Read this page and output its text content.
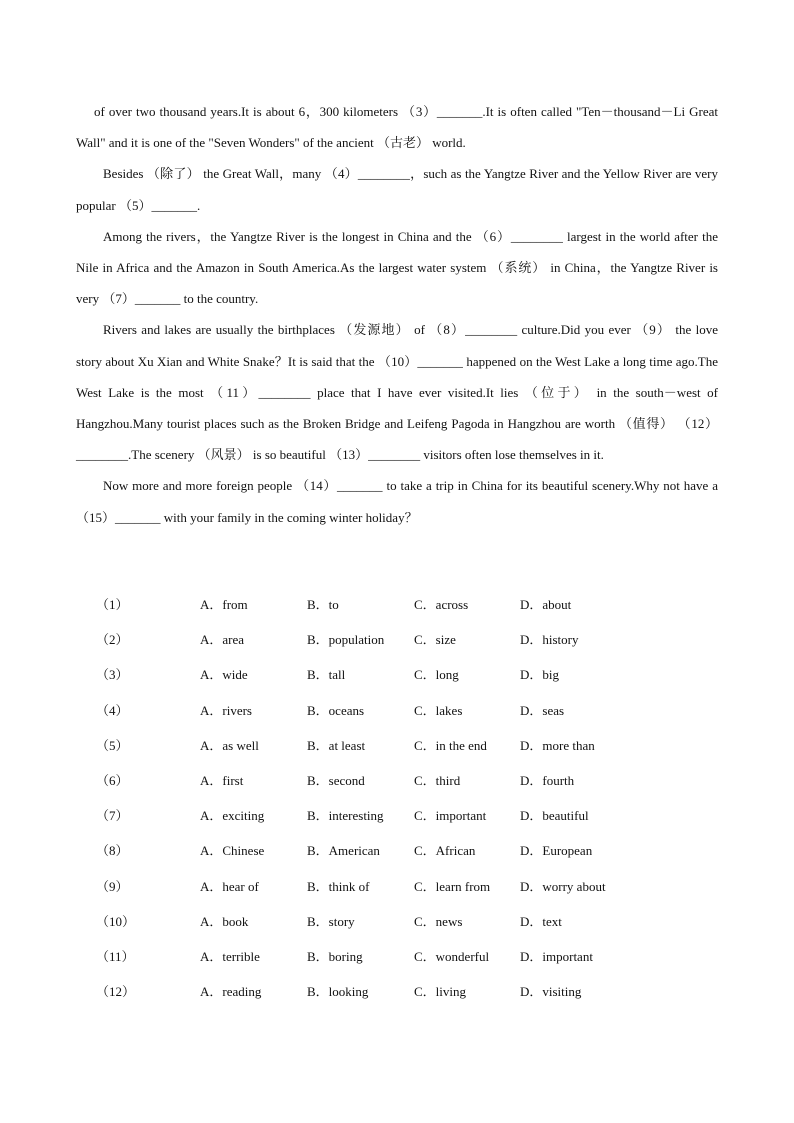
of over two thousand years.It is about 6，300 kilometers （3）_______.It is often called "Ten－thousand－Li Great Wall" and it is one of the "Seven Wonders" of the ancient （古老） world.

Besides （除了） the Great Wall，many （4）________，such as the Yangtze River and the Yellow River are very popular （5）_______.

Among the rivers，the Yangtze River is the longest in China and the （6）________ largest in the world after the Nile in Africa and the Amazon in South America.As the largest water system （系统） in China，the Yangtze River is very （7）_______ to the country.

Rivers and lakes are usually the birthplaces （发源地） of （8）________ culture.Did you ever （9） the love story about Xu Xian and White Snake？It is said that the （10）_______ happened on the West Lake a long time ago.The West Lake is the most （11）________ place that I have ever visited.It lies （位于） in the south－west of Hangzhou.Many tourist places such as the Broken Bridge and Leifeng Pagoda in Hangzhou are worth （值得） （12）________.The scenery （风景） is so beautiful （13）________ visitors often lose themselves in it.

Now more and more foreign people （14）_______ to take a trip in China for its beautiful scenery.Why not have a （15）_______ with your family in the coming winter holiday？

（1）	A．from	B．to	C．across	D．about
（2）	A．area	B．population C．size	D．history
（3）	A．wide	B．tall	C．long	D．big
（4）	A．rivers	B．oceans	C．lakes	D．seas
（5）	A．as well	B．at least	C．in the end	D．more than
（6）	A．first	B．second	C．third	D．fourth
（7）	A．exciting	B．interesting C．important	D．beautiful
（8）	A．Chinese	B．American	C．African	D．European
（9）	A．hear of	B．think of	C．learn from D．worry about
（10）	A．book	B．story	C．news	D．text
（11）	A．terrible	B．boring	C．wonderful D．important
（12）	A．reading	B．looking	C．living	D．visiting
